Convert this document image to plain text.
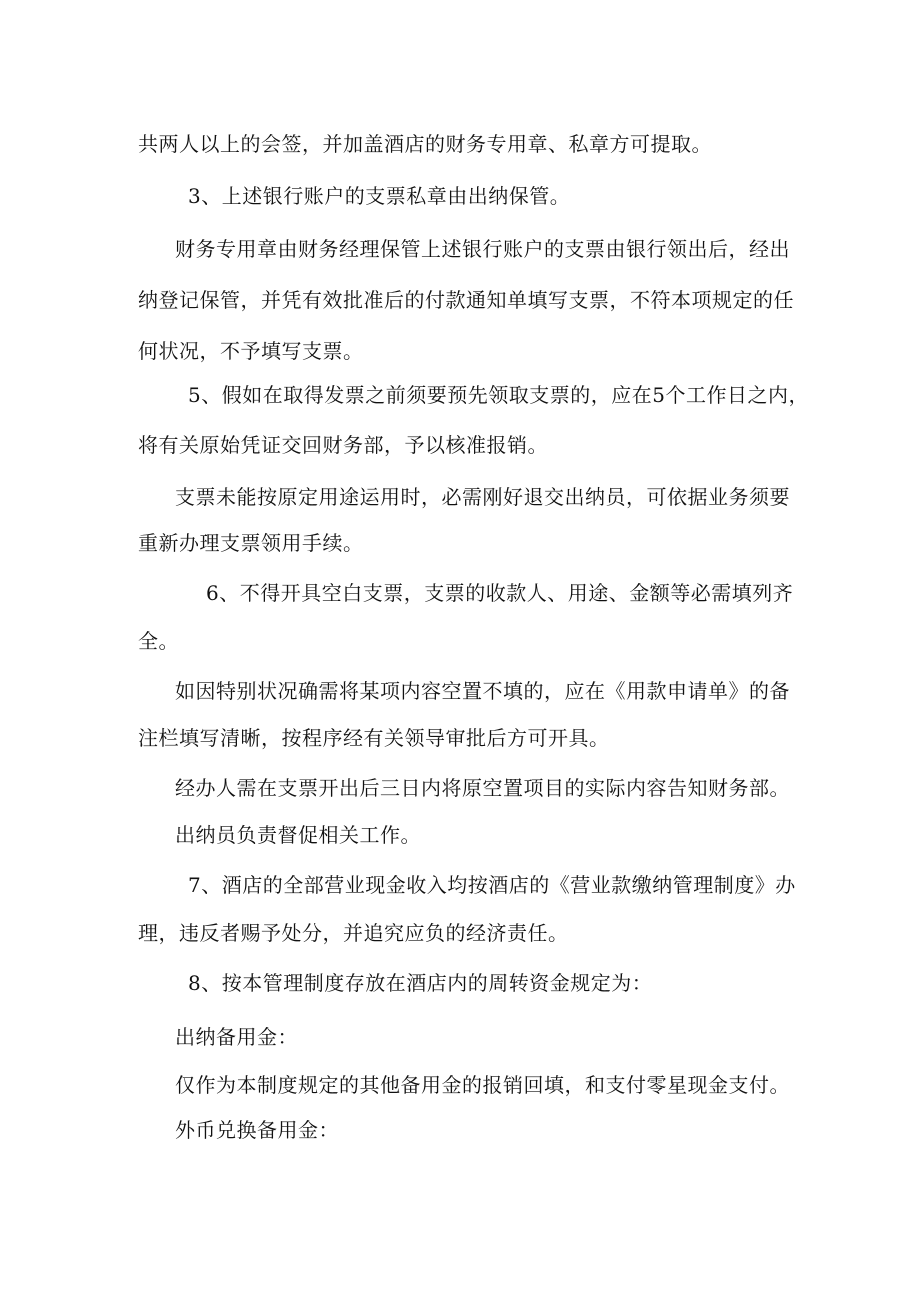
共两人以上的会签，并加盖酒店的财务专用章、私章方可提取。

3、上述银行账户的支票私章由出纳保管。

财务专用章由财务经理保管上述银行账户的支票由银行领出后，经出

纳登记保管，并凭有效批准后的付款通知单填写支票，不符本项规定的任

何状况，不予填写支票。

5、假如在取得发票之前须要预先领取支票的，应在5个工作日之内，

将有关原始凭证交回财务部，予以核准报销。

支票未能按原定用途运用时，必需刚好退交出纳员，可依据业务须要

重新办理支票领用手续。

6、不得开具空白支票，支票的收款人、用途、金额等必需填列齐

全。

如因特别状况确需将某项内容空置不填的，应在《用款申请单》的备

注栏填写清晰，按程序经有关领导审批后方可开具。

经办人需在支票开出后三日内将原空置项目的实际内容告知财务部。

出纳员负责督促相关工作。

7、酒店的全部营业现金收入均按酒店的《营业款缴纳管理制度》办

理，违反者赐予处分，并追究应负的经济责任。

8、按本管理制度存放在酒店内的周转资金规定为：

出纳备用金：

仅作为本制度规定的其他备用金的报销回填，和支付零星现金支付。

外币兑换备用金：
